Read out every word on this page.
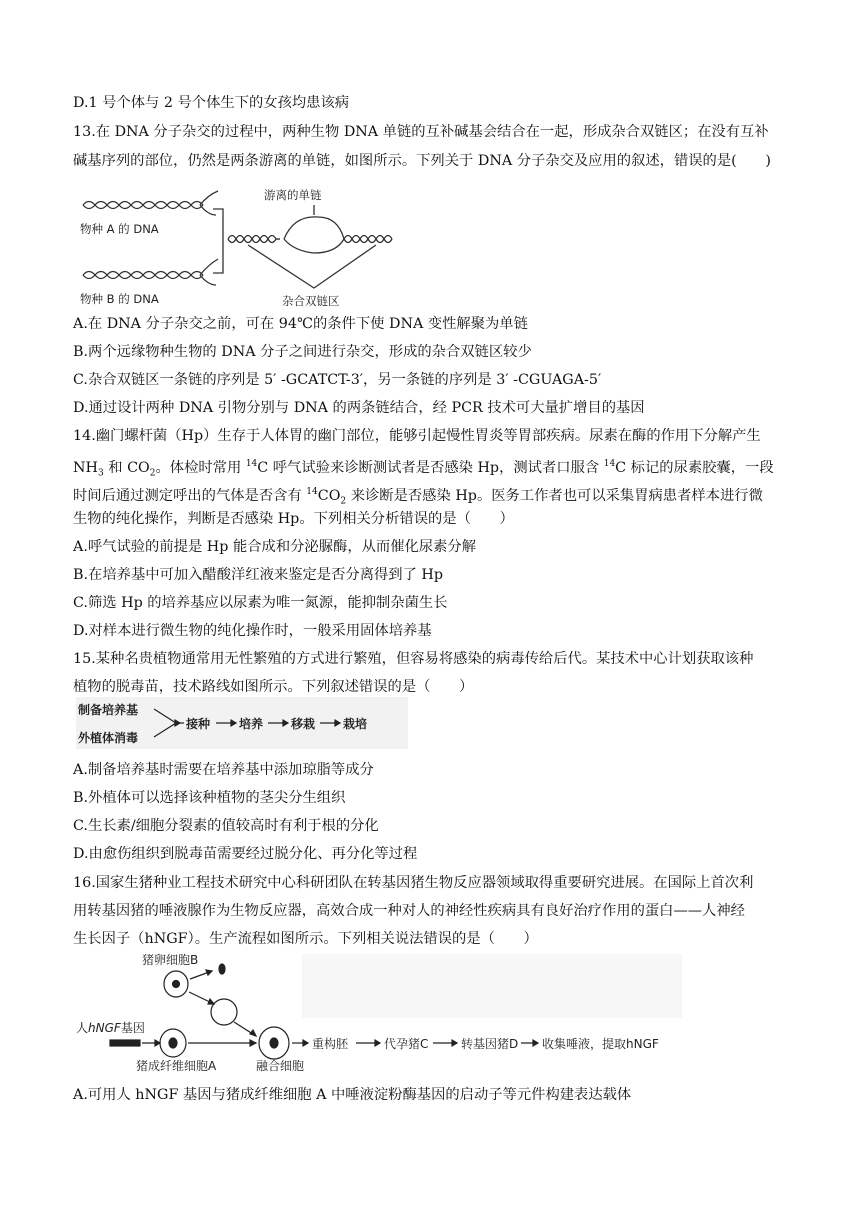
D.1 号个体与 2 号个体生下的女孩均患该病
13.在 DNA 分子杂交的过程中，两种生物 DNA 单链的互补碱基会结合在一起，形成杂合双链区；在没有互补
碱基序列的部位，仍然是两条游离的单链，如图所示。下列关于 DNA 分子杂交及应用的叙述，错误的是(　　)
物种 A 的 DNA
物种 B 的 DNA
游离的单链
杂合双链区
A.在 DNA 分子杂交之前，可在 94℃的条件下使 DNA 变性解聚为单链
B.两个远缘物种生物的 DNA 分子之间进行杂交，形成的杂合双链区较少
C.杂合双链区一条链的序列是 5′ -GCATCT-3′，另一条链的序列是 3′ -CGUAGA-5′
D.通过设计两种 DNA 引物分别与 DNA 的两条链结合，经 PCR 技术可大量扩增目的基因
14.幽门螺杆菌（Hp）生存于人体胃的幽门部位，能够引起慢性胃炎等胃部疾病。尿素在酶的作用下分解产生
$NH_3$ 和 $CO_2$。体检时常用 $^{14}$C 呼气试验来诊断测试者是否感染 Hp，测试者口服含 $^{14}$C 标记的尿素胶囊，一段
时间后通过测定呼出的气体是否含有 $^{14}CO_2$ 来诊断是否感染 Hp。医务工作者也可以采集胃病患者样本进行微
生物的纯化操作，判断是否感染 Hp。下列相关分析错误的是（　　）
A.呼气试验的前提是 Hp 能合成和分泌脲酶，从而催化尿素分解
B.在培养基中可加入醋酸洋红液来鉴定是否分离得到了 Hp
C.筛选 Hp 的培养基应以尿素为唯一氮源，能抑制杂菌生长
D.对样本进行微生物的纯化操作时，一般采用固体培养基
15.某种名贵植物通常用无性繁殖的方式进行繁殖，但容易将感染的病毒传给后代。某技术中心计划获取该种
植物的脱毒苗，技术路线如图所示。下列叙述错误的是（　　）
制备培养基
外植体消毒
接种 培养 移栽 栽培
A.制备培养基时需要在培养基中添加琼脂等成分
B.外植体可以选择该种植物的茎尖分生组织
C.生长素/细胞分裂素的值较高时有利于根的分化
D.由愈伤组织到脱毒苗需要经过脱分化、再分化等过程
16.国家生猪种业工程技术研究中心科研团队在转基因猪生物反应器领域取得重要研究进展。在国际上首次利
用转基因猪的唾液腺作为生物反应器，高效合成一种对人的神经性疾病具有良好治疗作用的蛋白——人神经
生长因子（hNGF）。生产流程如图所示。下列相关说法错误的是（　　）
猪卵细胞B
人hNGF基因
猪成纤维细胞A	融合细胞
重构胚	代孕猪C	转基因猪D 收集唾液，提取hNGF
A.可用人 hNGF 基因与猪成纤维细胞 A 中唾液淀粉酶基因的启动子等元件构建表达载体
